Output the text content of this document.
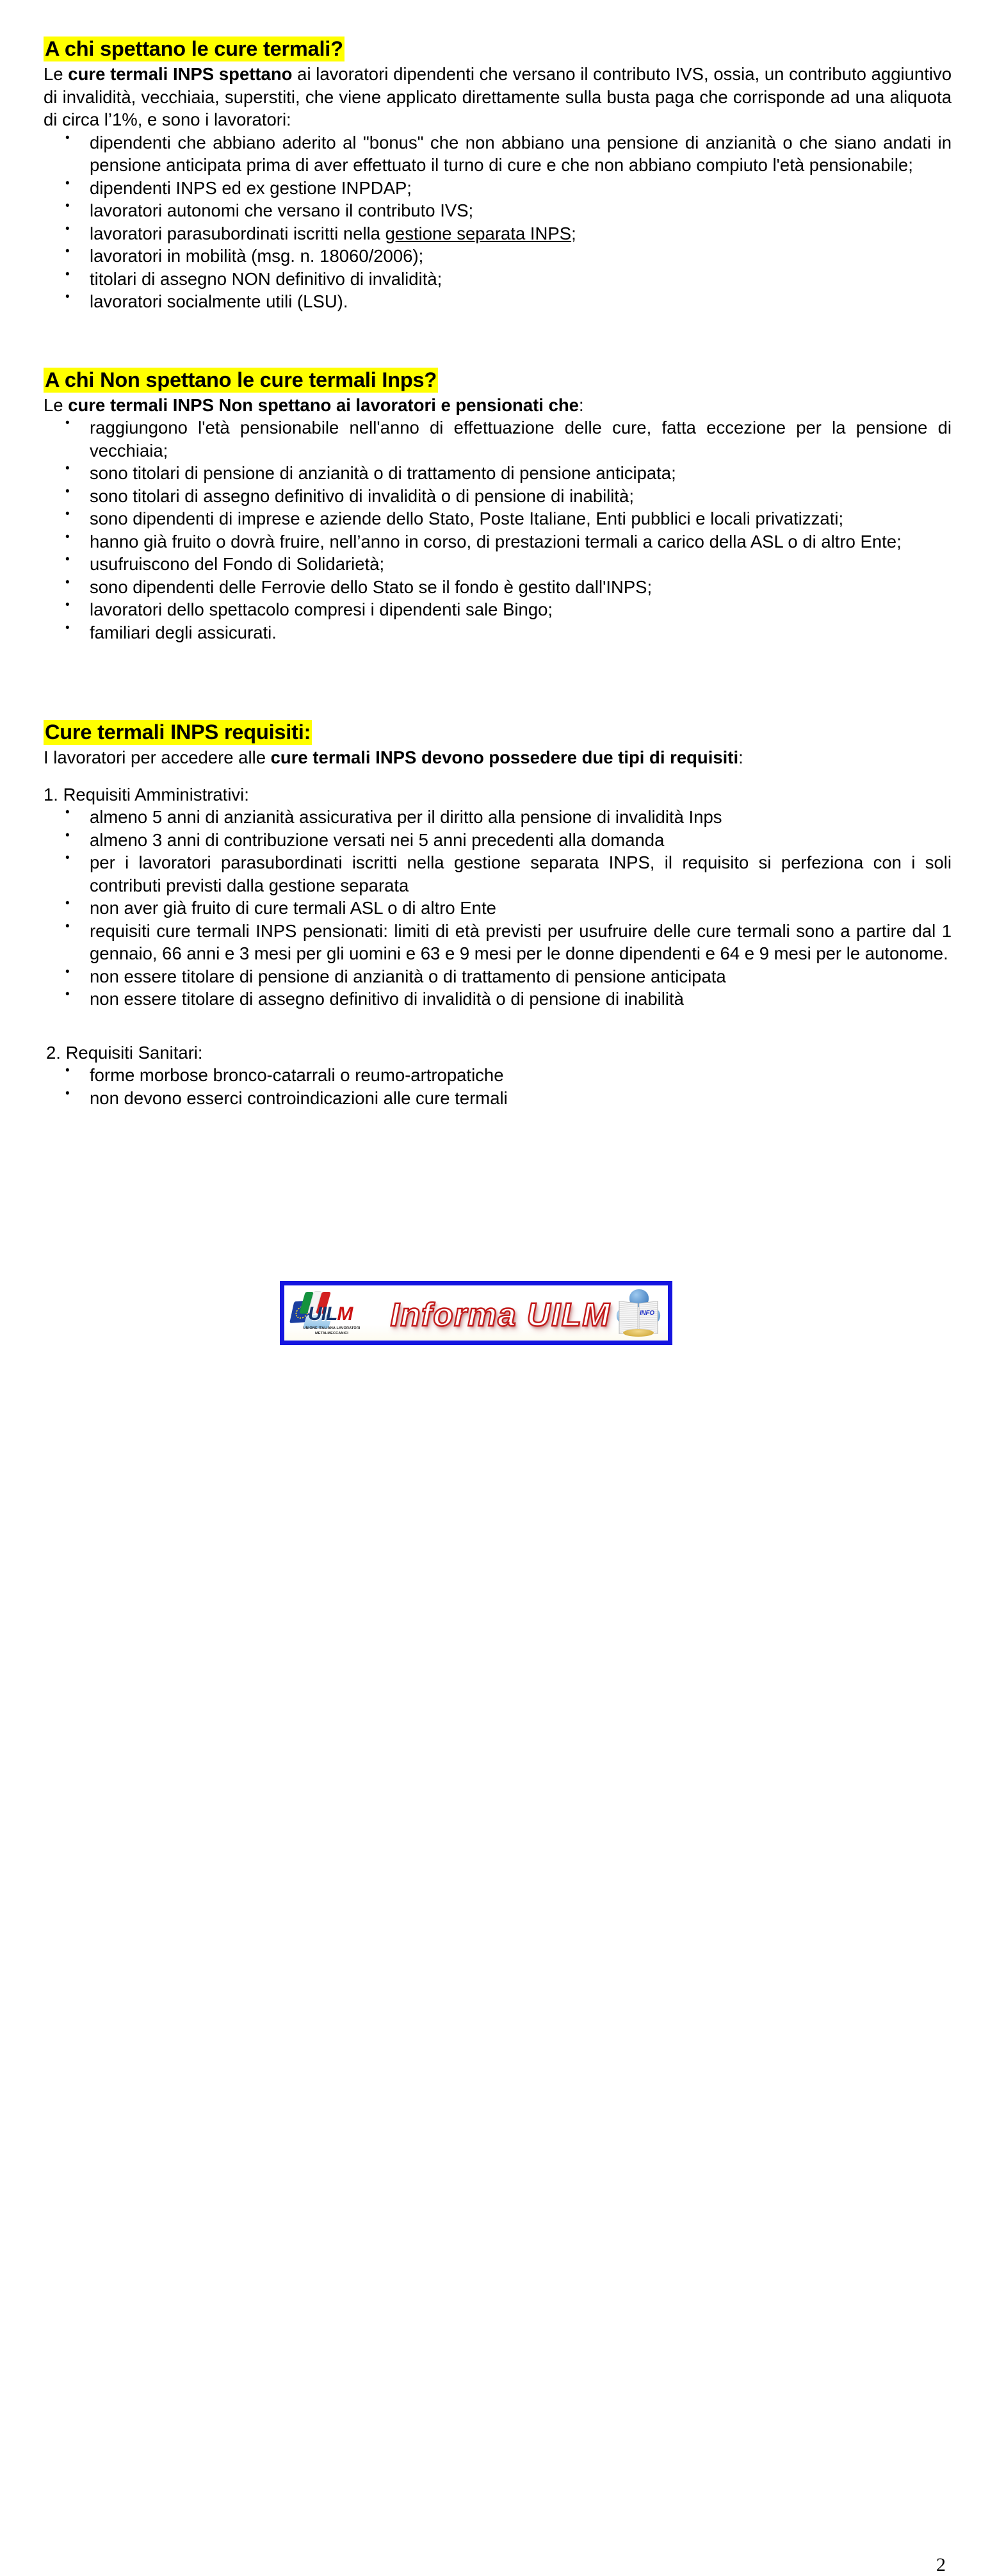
A chi spettano le cure termali?

Le cure termali INPS spettano ai lavoratori dipendenti che versano il contributo IVS, ossia, un contributo aggiuntivo di invalidità, vecchiaia, superstiti, che viene applicato direttamente sulla busta paga che corrisponde ad una aliquota di circa l’1%, e sono i lavoratori:

• dipendenti che abbiano aderito al "bonus" che non abbiano una pensione di anzianità o che siano andati in pensione anticipata prima di aver effettuato il turno di cure e che non abbiano compiuto l'età pensionabile;
• dipendenti INPS ed ex gestione INPDAP;
• lavoratori autonomi che versano il contributo IVS;
• lavoratori parasubordinati iscritti nella gestione separata INPS;
• lavoratori in mobilità (msg. n. 18060/2006);
• titolari di assegno NON definitivo di invalidità;
• lavoratori socialmente utili (LSU).
A chi Non spettano le cure termali Inps?

Le cure termali INPS Non spettano ai lavoratori e pensionati che:

• raggiungono l'età pensionabile nell'anno di effettuazione delle cure, fatta eccezione per la pensione di vecchiaia;
• sono titolari di pensione di anzianità o di trattamento di pensione anticipata;
• sono titolari di assegno definitivo di invalidità o di pensione di inabilità;
• sono dipendenti di imprese e aziende dello Stato, Poste Italiane, Enti pubblici e locali privatizzati;
• hanno già fruito o dovrà fruire, nell’anno in corso, di prestazioni termali a carico della ASL o di altro Ente;
• usufruiscono del Fondo di Solidarietà;
• sono dipendenti delle Ferrovie dello Stato se il fondo è gestito dall'INPS;
• lavoratori dello spettacolo compresi i dipendenti sale Bingo;
• familiari degli assicurati.
Cure termali INPS requisiti:

I lavoratori per accedere alle cure termali INPS devono possedere due tipi di requisiti:

1. Requisiti Amministrativi:

• almeno 5 anni di anzianità assicurativa per il diritto alla pensione di invalidità Inps
• almeno 3 anni di contribuzione versati nei 5 anni precedenti alla domanda
• per i lavoratori parasubordinati iscritti nella gestione separata INPS, il requisito si perfeziona con i soli contributi previsti dalla gestione separata
• non aver già fruito di cure termali ASL o di altro Ente
• requisiti cure termali INPS pensionati: limiti di età previsti per usufruire delle cure termali sono a partire dal 1 gennaio, 66 anni e 3 mesi per gli uomini e 63 e 9 mesi per le donne dipendenti e 64 e 9 mesi per le autonome.
• non essere titolare di pensione di anzianità o di trattamento di pensione anticipata
• non essere titolare di assegno definitivo di invalidità o di pensione di inabilità

2. Requisiti Sanitari:

• forme morbose bronco-catarrali o reumo-artropatiche
• non devono esserci controindicazioni alle cure termali
UILM
UNIONE ITALIANA LAVORATORI METALMECCANICI
Informa UILM	INFO
2
